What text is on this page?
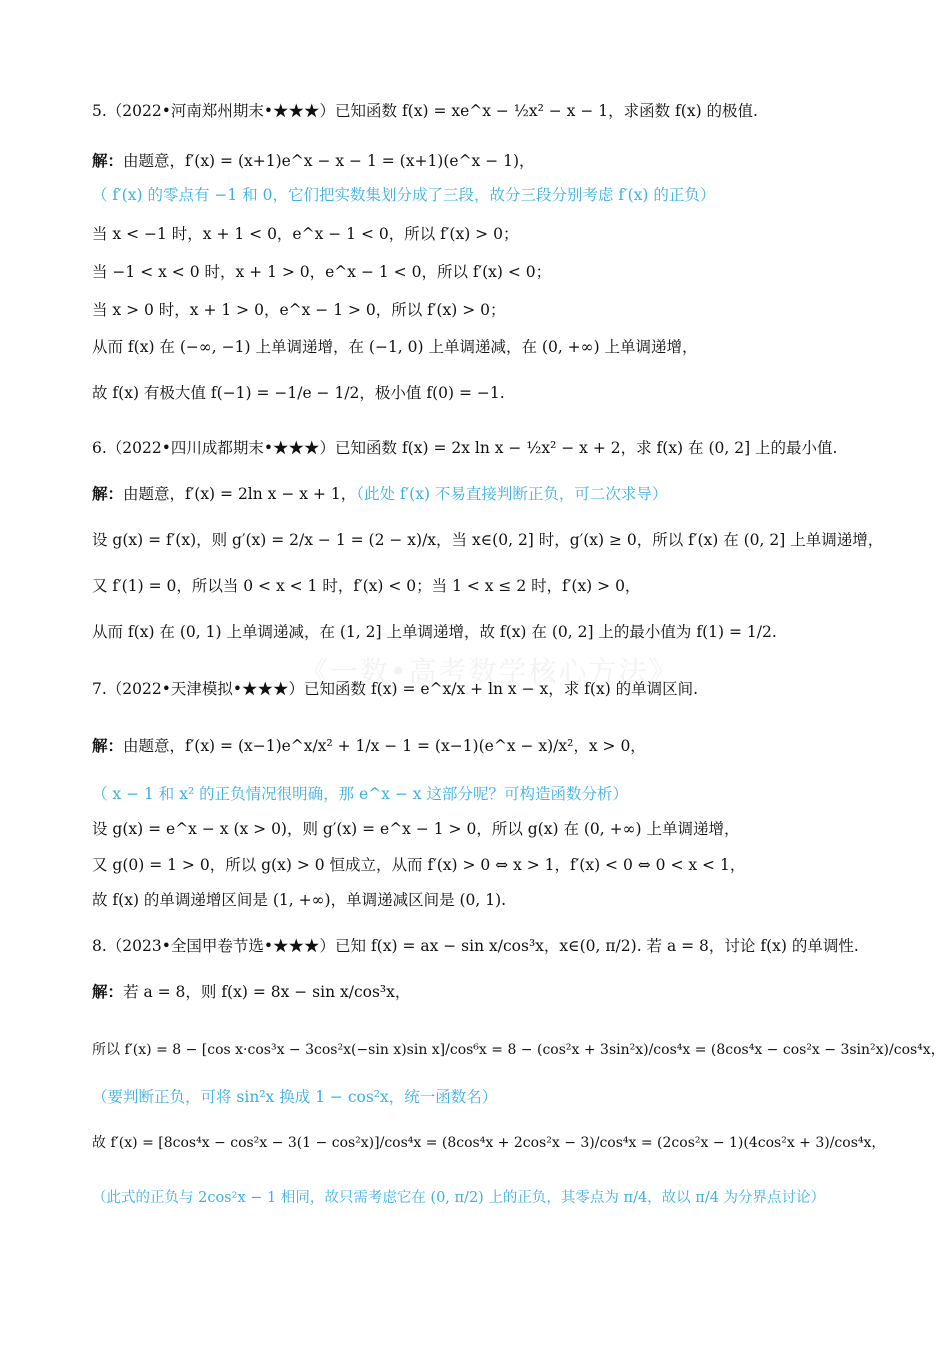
《一数•高考数学核心方法》
5.（2022•河南郑州期末•★★★）已知函数 f(x) = xe^x − ½x² − x − 1，求函数 f(x) 的极值.
解：由题意，f′(x) = (x+1)e^x − x − 1 = (x+1)(e^x − 1)，
（ f′(x) 的零点有 −1 和 0，它们把实数集划分成了三段，故分三段分别考虑 f′(x) 的正负）
当 x < −1 时，x + 1 < 0，e^x − 1 < 0，所以 f′(x) > 0；
当 −1 < x < 0 时，x + 1 > 0，e^x − 1 < 0，所以 f′(x) < 0；
当 x > 0 时，x + 1 > 0，e^x − 1 > 0，所以 f′(x) > 0；
从而 f(x) 在 (−∞, −1) 上单调递增，在 (−1, 0) 上单调递减，在 (0, +∞) 上单调递增，
故 f(x) 有极大值 f(−1) = −1/e − 1/2，极小值 f(0) = −1.
6.（2022•四川成都期末•★★★）已知函数 f(x) = 2x ln x − ½x² − x + 2，求 f(x) 在 (0, 2] 上的最小值.
解：由题意，f′(x) = 2ln x − x + 1，（此处 f′(x) 不易直接判断正负，可二次求导）
设 g(x) = f′(x)，则 g′(x) = 2/x − 1 = (2 − x)/x，当 x∈(0, 2] 时，g′(x) ≥ 0，所以 f′(x) 在 (0, 2] 上单调递增，
又 f′(1) = 0，所以当 0 < x < 1 时，f′(x) < 0；当 1 < x ≤ 2 时，f′(x) > 0，
从而 f(x) 在 (0, 1) 上单调递减，在 (1, 2] 上单调递增，故 f(x) 在 (0, 2] 上的最小值为 f(1) = 1/2.
7.（2022•天津模拟•★★★）已知函数 f(x) = e^x/x + ln x − x，求 f(x) 的单调区间.
解：由题意，f′(x) = (x−1)e^x/x² + 1/x − 1 = (x−1)(e^x − x)/x²，x > 0，
（ x − 1 和 x² 的正负情况很明确，那 e^x − x 这部分呢？可构造函数分析）
设 g(x) = e^x − x (x > 0)，则 g′(x) = e^x − 1 > 0，所以 g(x) 在 (0, +∞) 上单调递增，
又 g(0) = 1 > 0，所以 g(x) > 0 恒成立，从而 f′(x) > 0 ⇔ x > 1，f′(x) < 0 ⇔ 0 < x < 1，
故 f(x) 的单调递增区间是 (1, +∞)，单调递减区间是 (0, 1).
8.（2023•全国甲卷节选•★★★）已知 f(x) = ax − sin x/cos³x，x∈(0, π/2). 若 a = 8，讨论 f(x) 的单调性.
解：若 a = 8，则 f(x) = 8x − sin x/cos³x，
所以 f′(x) = 8 − [cos x·cos³x − 3cos²x(−sin x)sin x]/cos⁶x = 8 − (cos²x + 3sin²x)/cos⁴x = (8cos⁴x − cos²x − 3sin²x)/cos⁴x，
（要判断正负，可将 sin²x 换成 1 − cos²x，统一函数名）
故 f′(x) = [8cos⁴x − cos²x − 3(1 − cos²x)]/cos⁴x = (8cos⁴x + 2cos²x − 3)/cos⁴x = (2cos²x − 1)(4cos²x + 3)/cos⁴x，
（此式的正负与 2cos²x − 1 相同，故只需考虑它在 (0, π/2) 上的正负，其零点为 π/4，故以 π/4 为分界点讨论）
